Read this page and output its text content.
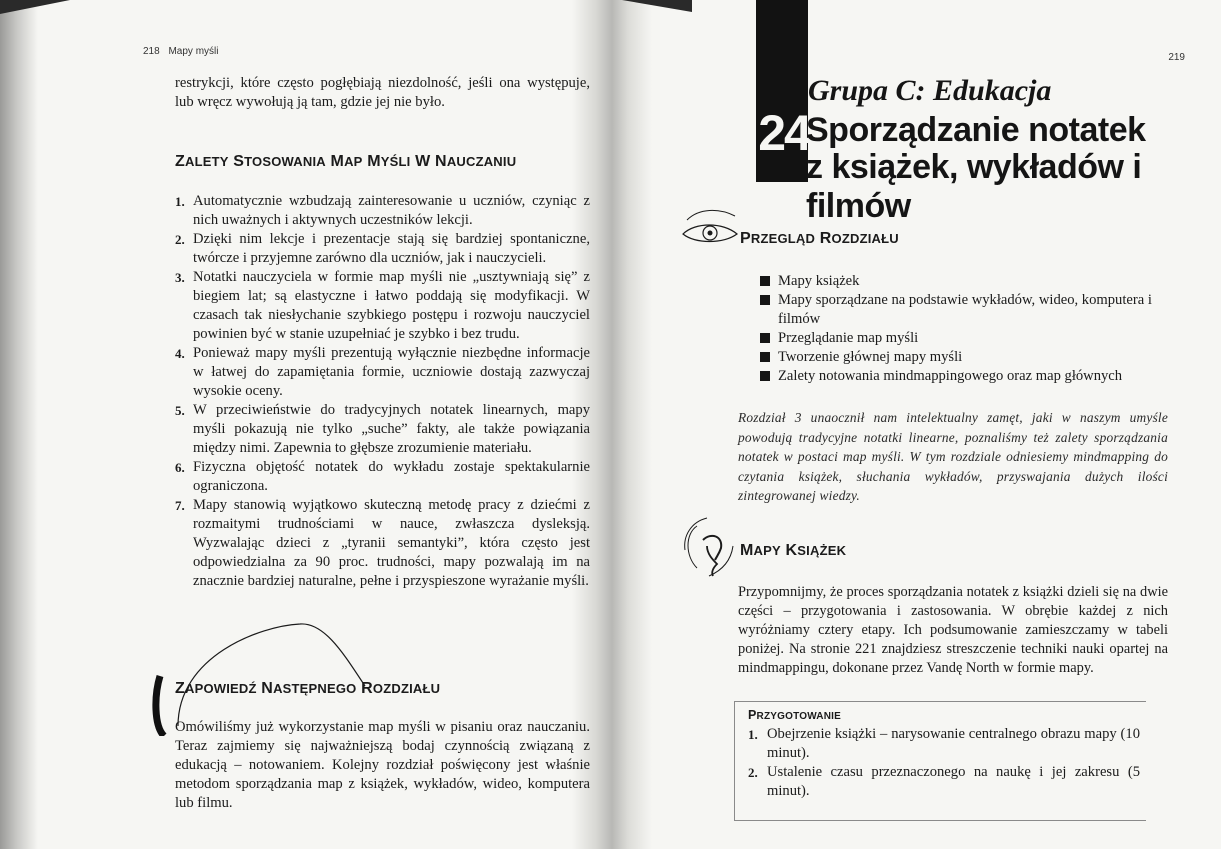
218 Mapy myśli

restrykcji, które często pogłębiają niezdolność, jeśli ona występuje, lub wręcz wywołują ją tam, gdzie jej nie było.

ZALETY STOSOWANIA MAP MYŚLI W NAUCZANIU
1. Automatycznie wzbudzają zainteresowanie u uczniów, czyniąc z nich uważnych i aktywnych uczestników lekcji.
2. Dzięki nim lekcje i prezentacje stają się bardziej spontaniczne, twórcze i przyjemne zarówno dla uczniów, jak i nauczycieli.
3. Notatki nauczyciela w formie map myśli nie „usztywniają się” z biegiem lat; są elastyczne i łatwo poddają się modyfikacji. W czasach tak niesłychanie szybkiego postępu i rozwoju nauczyciel powinien być w stanie uzupełniać je szybko i bez trudu.
4. Ponieważ mapy myśli prezentują wyłącznie niezbędne informacje w łatwej do zapamiętania formie, uczniowie dostają zazwyczaj wysokie oceny.
5. W przeciwieństwie do tradycyjnych notatek linearnych, mapy myśli pokazują nie tylko „suche” fakty, ale także powiązania między nimi. Zapewnia to głębsze zrozumienie materiału.
6. Fizyczna objętość notatek do wykładu zostaje spektakularnie ograniczona.
7. Mapy stanowią wyjątkowo skuteczną metodę pracy z dziećmi z rozmaitymi trudnościami w nauce, zwłaszcza dysleksją. Wyzwalając dzieci z „tyranii semantyki”, która często jest odpowiedzialna za 90 proc. trudności, mapy pozwalają im na znacznie bardziej naturalne, pełne i przyspieszone wyrażanie myśli.
ZAPOWIEDŹ NASTĘPNEGO ROZDZIAŁU

Omówiliśmy już wykorzystanie map myśli w pisaniu oraz nauczaniu. Teraz zajmiemy się najważniejszą bodaj czynnością związaną z edukacją – notowaniem. Kolejny rozdział poświęcony jest właśnie metodom sporządzania map z książek, wykładów, wideo, komputera lub filmu.

219
24
Grupa C: Edukacja
Sporządzanie notatek
z książek, wykładów i filmów
PRZEGLĄD ROZDZIAŁU
Mapy książek
Mapy sporządzane na podstawie wykładów, wideo, komputera i filmów
Przeglądanie map myśli
Tworzenie głównej mapy myśli
Zalety notowania mindmappingowego oraz map głównych

Rozdział 3 unaocznił nam intelektualny zamęt, jaki w naszym umyśle powodują tradycyjne notatki linearne, poznaliśmy też zalety sporządzania notatek w postaci map myśli. W tym rozdziale odniesiemy mindmapping do czytania książek, słuchania wykładów, przyswajania dużych ilości zintegrowanej wiedzy.

MAPY KSIĄŻEK

Przypomnijmy, że proces sporządzania notatek z książki dzieli się na dwie części – przygotowania i zastosowania. W obrębie każdej z nich wyróżniamy cztery etapy. Ich podsumowanie zamieszczamy w tabeli poniżej. Na stronie 221 znajdziesz streszczenie techniki nauki opartej na mindmappingu, dokonane przez Vandę North w formie mapy.

PRZYGOTOWANIE
1. Obejrzenie książki – narysowanie centralnego obrazu mapy (10 minut).
2. Ustalenie czasu przeznaczonego na naukę i jej zakresu (5 minut).
